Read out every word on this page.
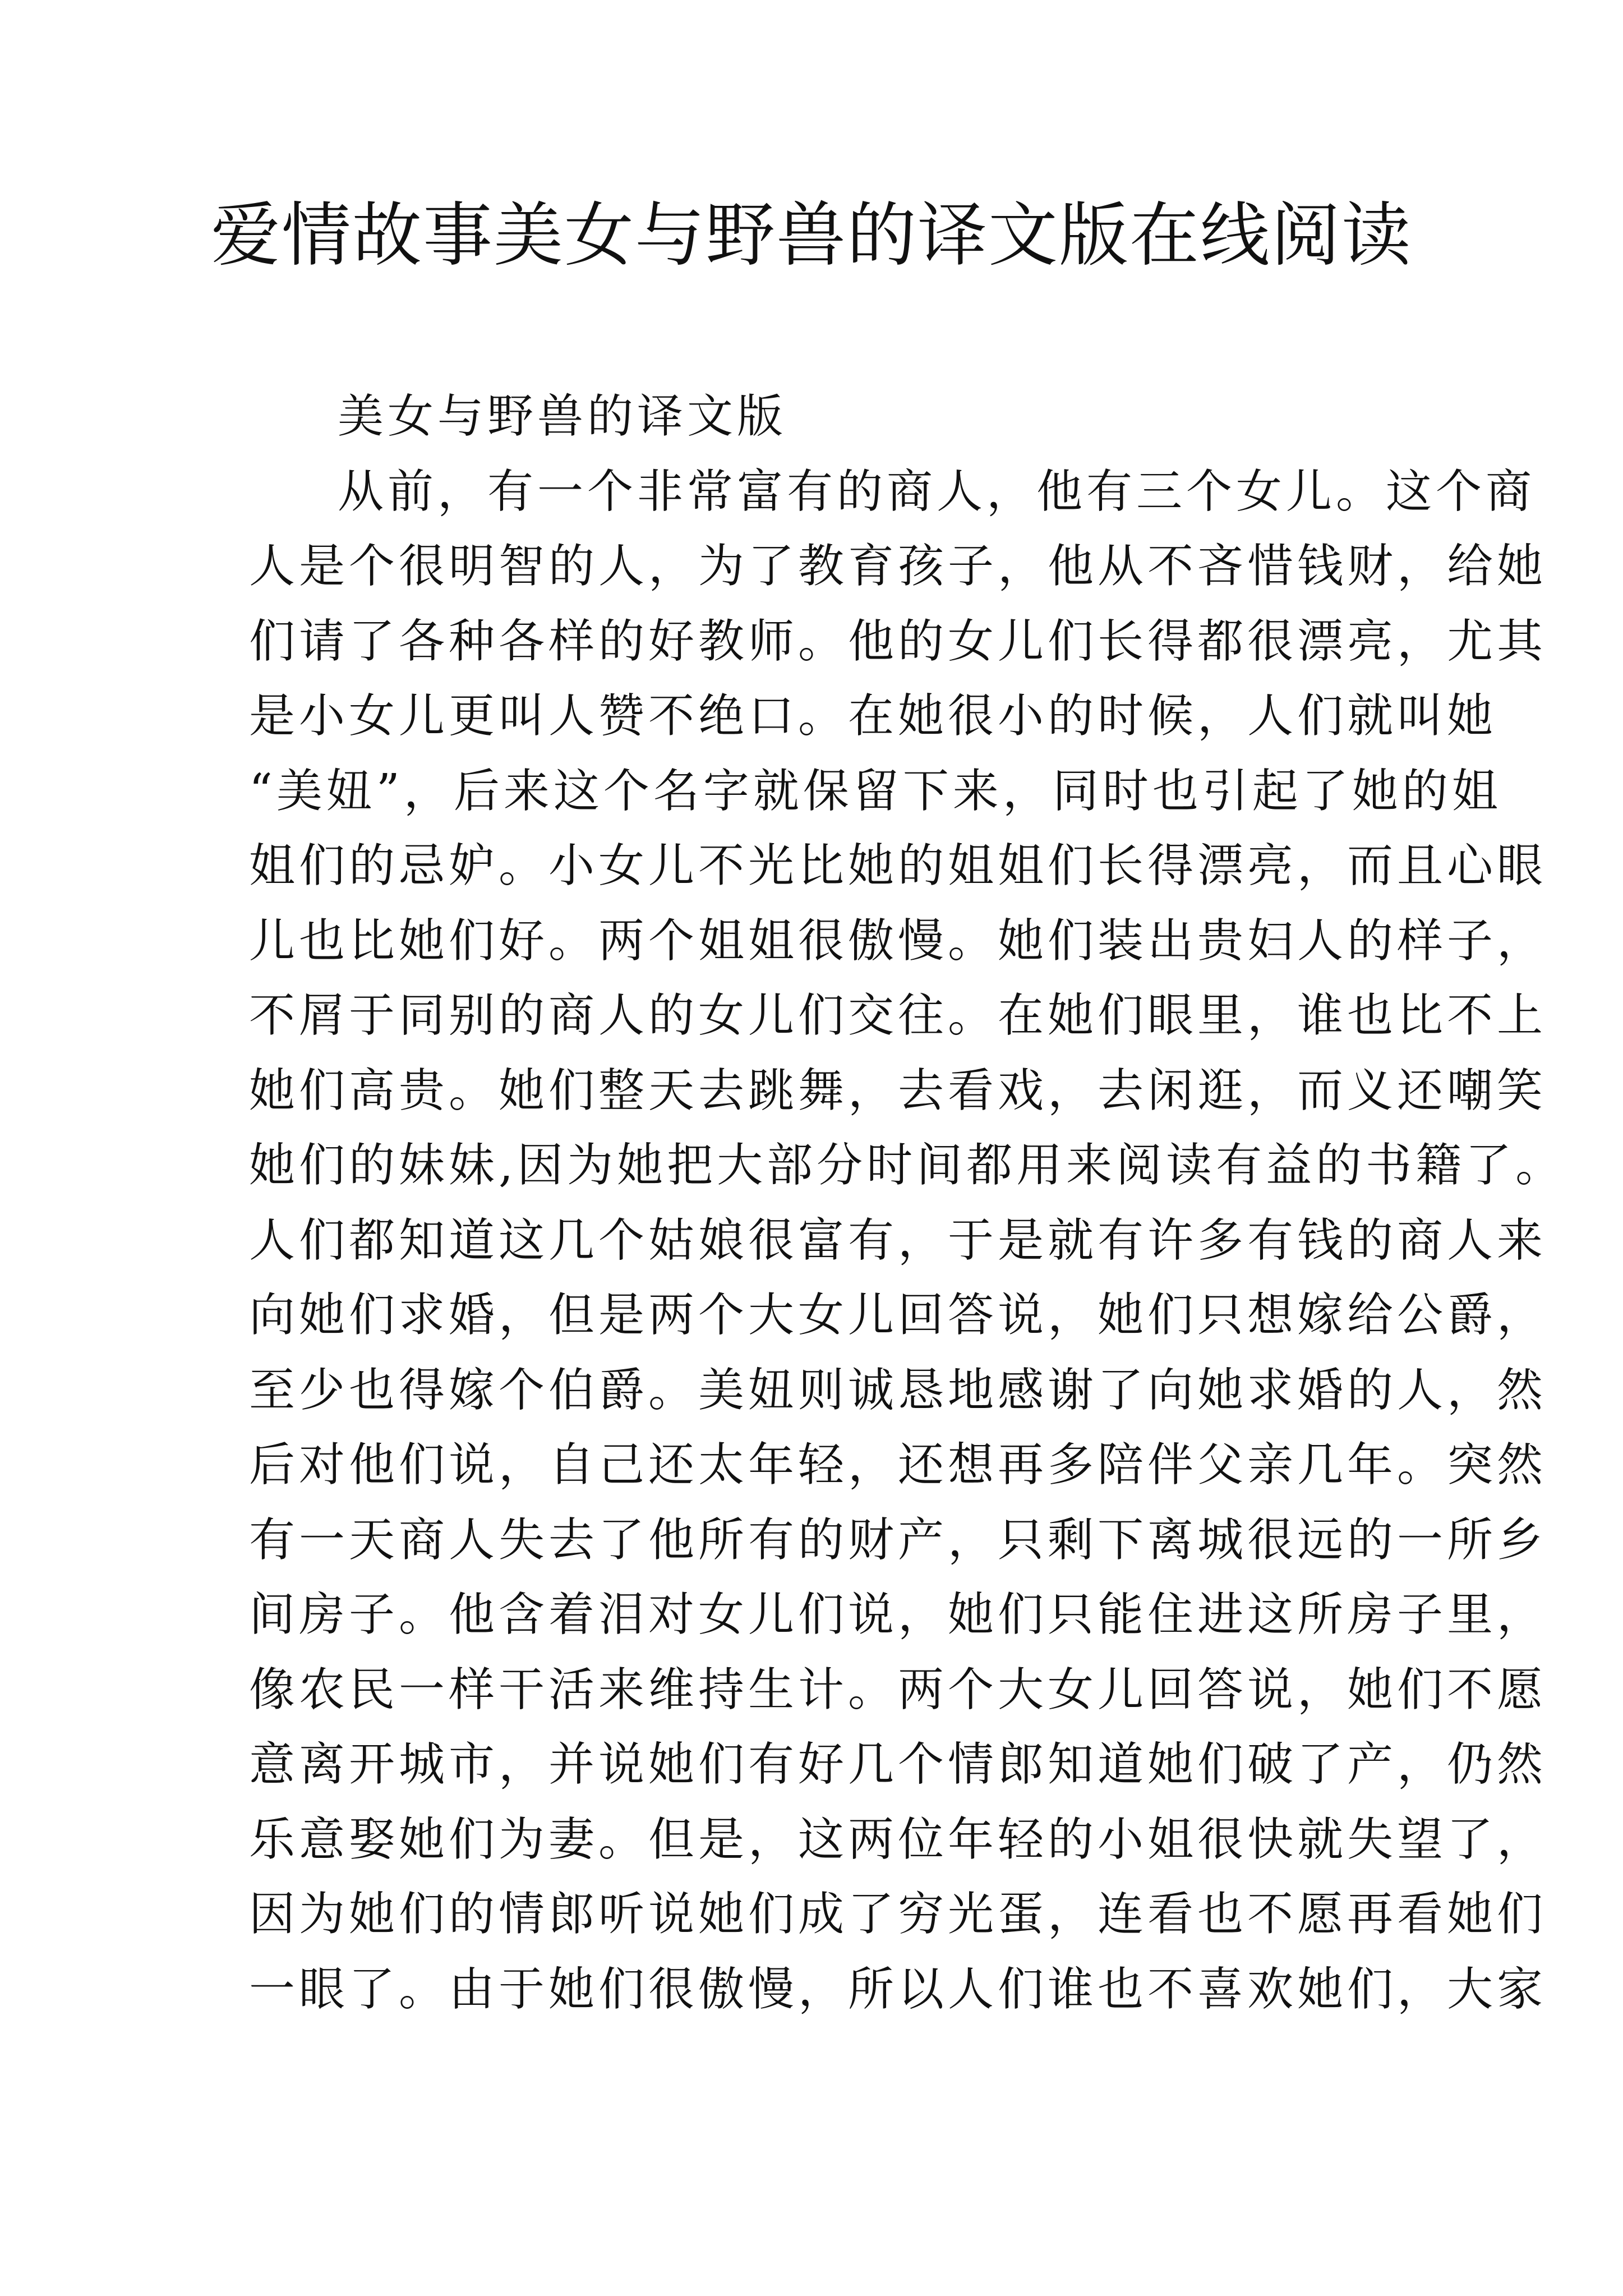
爱情故事美女与野兽的译文版在线阅读
美女与野兽的译文版
从前，有一个非常富有的商人，他有三个女儿。这个商
人是个很明智的人，为了教育孩子，他从不吝惜钱财，给她
们请了各种各样的好教师。他的女儿们长得都很漂亮，尤其
是小女儿更叫人赞不绝口。在她很小的时候，人们就叫她
“美妞”，后来这个名字就保留下来，同时也引起了她的姐
姐们的忌妒。小女儿不光比她的姐姐们长得漂亮，而且心眼
儿也比她们好。两个姐姐很傲慢。她们装出贵妇人的样子，
不屑于同别的商人的女儿们交往。在她们眼里，谁也比不上
她们高贵。她们整天去跳舞，去看戏，去闲逛，而义还嘲笑
她们的妹妹,因为她把大部分时间都用来阅读有益的书籍了。
人们都知道这几个姑娘很富有，于是就有许多有钱的商人来
向她们求婚，但是两个大女儿回答说，她们只想嫁给公爵，
至少也得嫁个伯爵。美妞则诚恳地感谢了向她求婚的人，然
后对他们说，自己还太年轻，还想再多陪伴父亲几年。突然
有一天商人失去了他所有的财产，只剩下离城很远的一所乡
间房子。他含着泪对女儿们说，她们只能住进这所房子里，
像农民一样干活来维持生计。两个大女儿回答说，她们不愿
意离开城市，并说她们有好几个情郎知道她们破了产，仍然
乐意娶她们为妻。但是，这两位年轻的小姐很快就失望了，
因为她们的情郎听说她们成了穷光蛋，连看也不愿再看她们
一眼了。由于她们很傲慢，所以人们谁也不喜欢她们，大家
